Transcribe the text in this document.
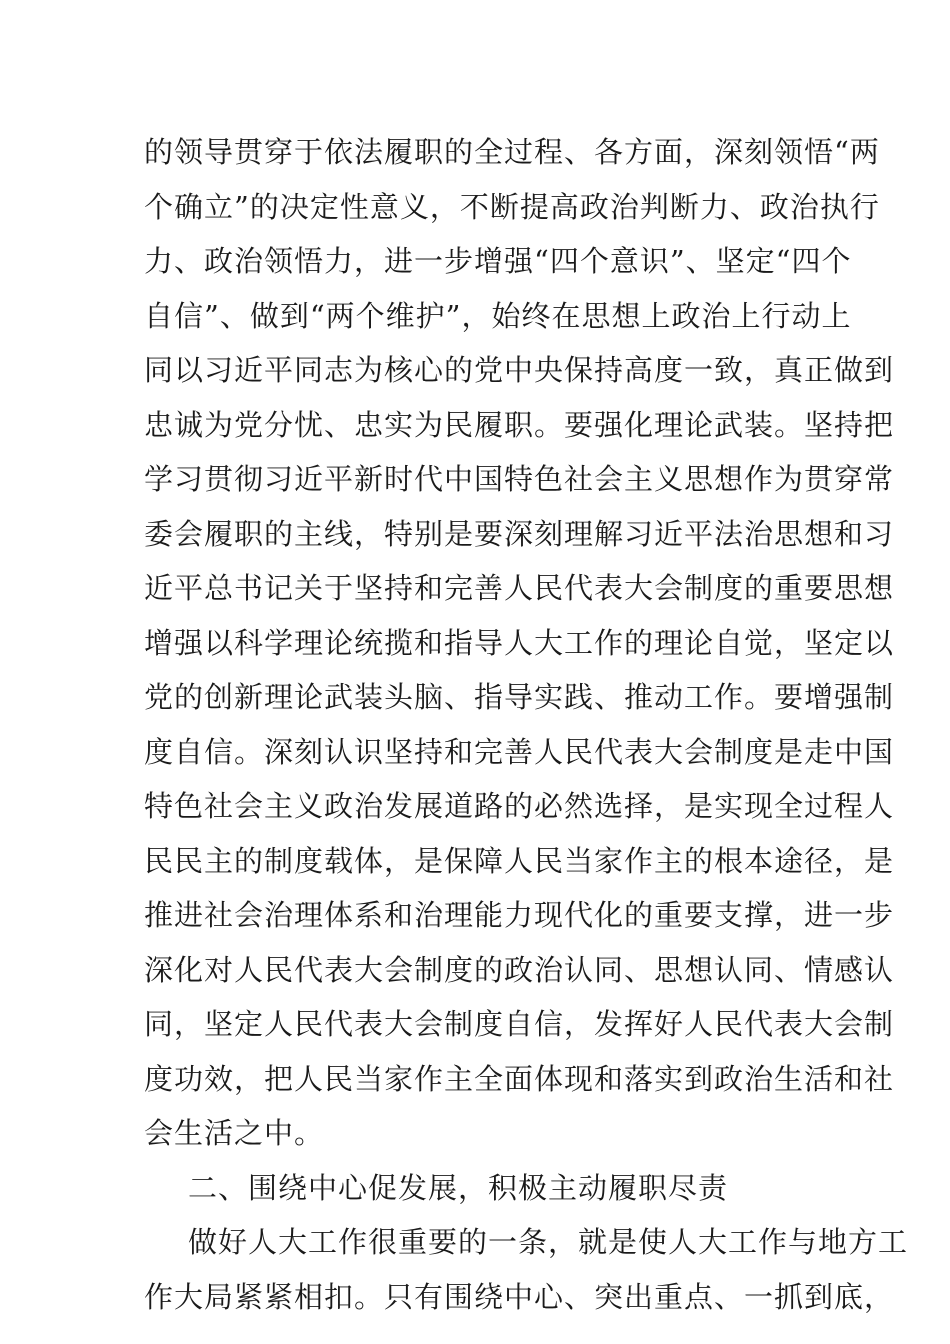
的领导贯穿于依法履职的全过程、各方面，深刻领悟“两
个确立”的决定性意义，不断提高政治判断力、政治执行
力、政治领悟力，进一步增强“四个意识”、坚定“四个
自信”、做到“两个维护”，始终在思想上政治上行动上
同以习近平同志为核心的党中央保持高度一致，真正做到
忠诚为党分忧、忠实为民履职。要强化理论武装。坚持把
学习贯彻习近平新时代中国特色社会主义思想作为贯穿常
委会履职的主线，特别是要深刻理解习近平法治思想和习
近平总书记关于坚持和完善人民代表大会制度的重要思想
增强以科学理论统揽和指导人大工作的理论自觉，坚定以
党的创新理论武装头脑、指导实践、推动工作。要增强制
度自信。深刻认识坚持和完善人民代表大会制度是走中国
特色社会主义政治发展道路的必然选择，是实现全过程人
民民主的制度载体，是保障人民当家作主的根本途径，是
推进社会治理体系和治理能力现代化的重要支撑，进一步
深化对人民代表大会制度的政治认同、思想认同、情感认
同，坚定人民代表大会制度自信，发挥好人民代表大会制
度功效，把人民当家作主全面体现和落实到政治生活和社
会生活之中。
二、围绕中心促发展，积极主动履职尽责
做好人大工作很重要的一条，就是使人大工作与地方工
作大局紧紧相扣。只有围绕中心、突出重点、一抓到底，
